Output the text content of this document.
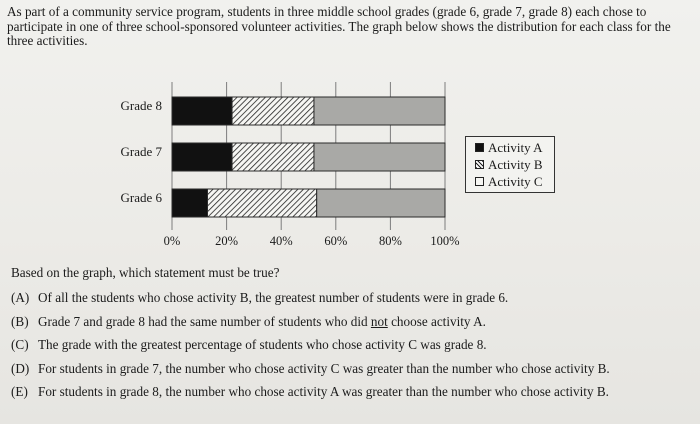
As part of a community service program, students in three middle school grades (grade 6, grade 7, grade 8) each chose to participate in one of three school-sponsored volunteer activities. The graph below shows the distribution for each class for the three activities.

Grade 8
Grade 7
Grade 6
0%	20%	40%	60%	80% 100%
Activity A
Activity B
Activity C

Based on the graph, which statement must be true?

(A) Of all the students who chose activity B, the greatest number of students were in grade 6.
(B) Grade 7 and grade 8 had the same number of students who did not choose activity A.
(C) The grade with the greatest percentage of students who chose activity C was grade 8.
(D) For students in grade 7, the number who chose activity C was greater than the number who chose activity B.
(E) For students in grade 8, the number who chose activity A was greater than the number who chose activity B.
